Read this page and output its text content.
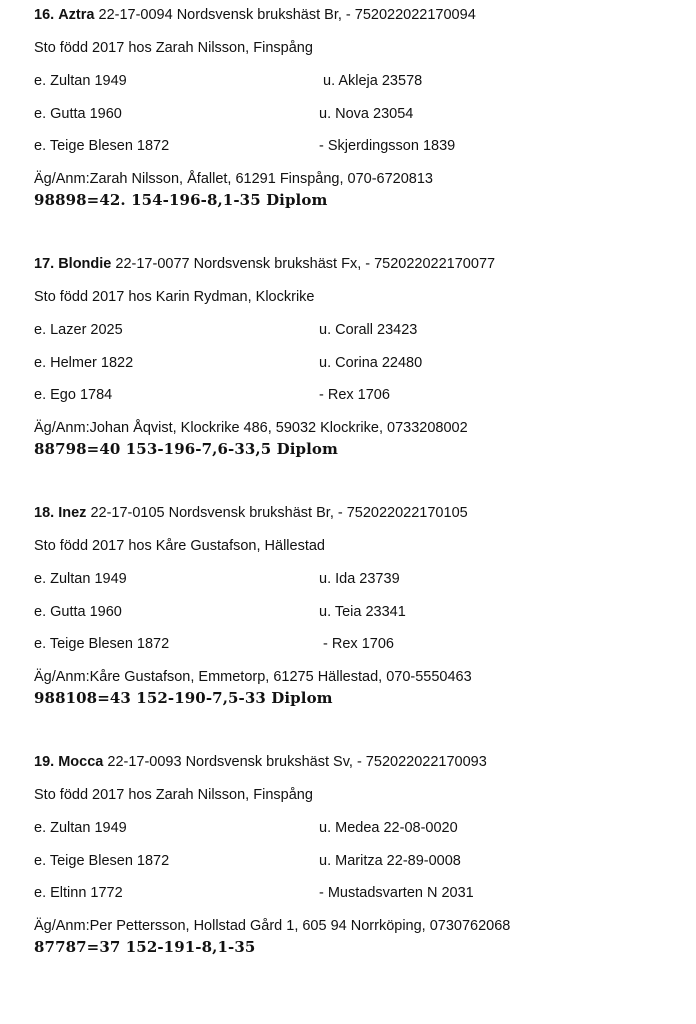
16. Aztra 22-17-0094 Nordsvensk brukshäst Br, - 752022022170094
Sto född 2017 hos Zarah Nilsson, Finspång
e. Zultan 1949	u. Akleja 23578
e. Gutta 1960	u. Nova 23054
e. Teige Blesen 1872	- Skjerdingsson 1839
Äg/Anm:Zarah Nilsson, Åfallet, 61291 Finspång, 070-6720813
98898=42. 154-196-8,1-35 Diplom
17. Blondie 22-17-0077 Nordsvensk brukshäst Fx, - 752022022170077
Sto född 2017 hos Karin Rydman, Klockrike
e. Lazer 2025	u. Corall 23423
e. Helmer 1822	u. Corina 22480
e. Ego 1784	- Rex 1706
Äg/Anm:Johan Åqvist, Klockrike 486, 59032 Klockrike, 0733208002
88798=40 153-196-7,6-33,5 Diplom
18. Inez 22-17-0105 Nordsvensk brukshäst Br, - 752022022170105
Sto född 2017 hos Kåre Gustafson, Hällestad
e. Zultan 1949	u. Ida 23739
e. Gutta 1960	u. Teia 23341
e. Teige Blesen 1872	- Rex 1706
Äg/Anm:Kåre Gustafson, Emmetorp, 61275 Hällestad, 070-5550463
988108=43 152-190-7,5-33 Diplom
19. Mocca 22-17-0093 Nordsvensk brukshäst Sv, - 752022022170093
Sto född 2017 hos Zarah Nilsson, Finspång
e. Zultan 1949	u. Medea 22-08-0020
e. Teige Blesen 1872	u. Maritza 22-89-0008
e. Eltinn 1772	- Mustadsvarten N 2031
Äg/Anm:Per Pettersson, Hollstad Gård 1, 605 94 Norrköping, 0730762068
87787=37 152-191-8,1-35
